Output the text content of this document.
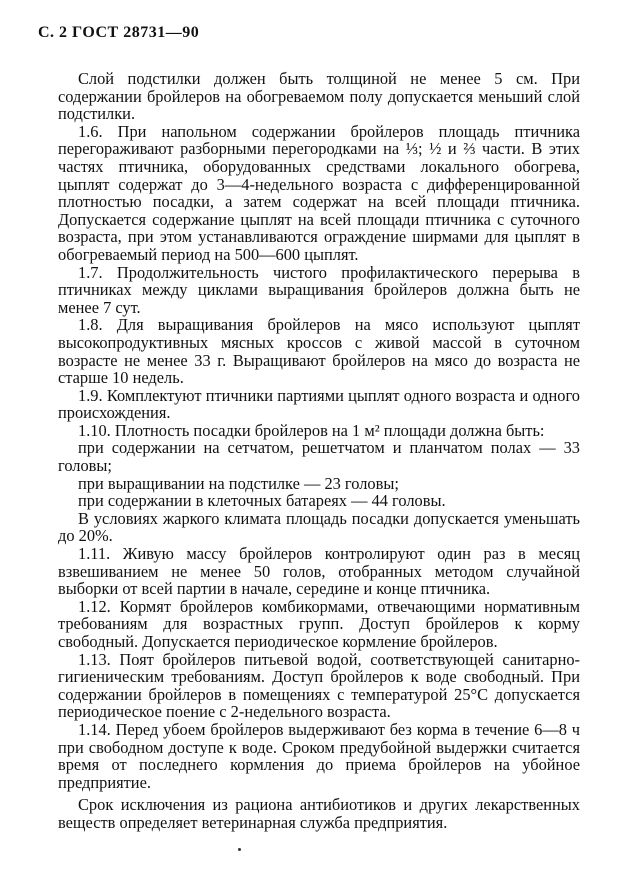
С. 2 ГОСТ 28731—90

Слой подстилки должен быть толщиной не менее 5 см. При содержании бройлеров на обогреваемом полу допускается меньший слой подстилки.

1.6. При напольном содержании бройлеров площадь птичника перегораживают разборными перегородками на ⅓; ½ и ⅔ части. В этих частях птичника, оборудованных средствами локального обогрева, цыплят содержат до 3—4-недельного возраста с дифференцированной плотностью посадки, а затем содержат на всей площади птичника. Допускается содержание цыплят на всей площади птичника с суточного возраста, при этом устанавливаются ограждение ширмами для цыплят в обогреваемый период на 500—600 цыплят.

1.7. Продолжительность чистого профилактического перерыва в птичниках между циклами выращивания бройлеров должна быть не менее 7 сут.

1.8. Для выращивания бройлеров на мясо используют цыплят высокопродуктивных мясных кроссов с живой массой в суточном возрасте не менее 33 г. Выращивают бройлеров на мясо до возраста не старше 10 недель.

1.9. Комплектуют птичники партиями цыплят одного возраста и одного происхождения.

1.10. Плотность посадки бройлеров на 1 м² площади должна быть:

при содержании на сетчатом, решетчатом и планчатом полах — 33 головы;

при выращивании на подстилке — 23 головы;

при содержании в клеточных батареях — 44 головы.

В условиях жаркого климата площадь посадки допускается уменьшать до 20%.

1.11. Живую массу бройлеров контролируют один раз в месяц взвешиванием не менее 50 голов, отобранных методом случайной выборки от всей партии в начале, середине и конце птичника.

1.12. Кормят бройлеров комбикормами, отвечающими нормативным требованиям для возрастных групп. Доступ бройлеров к корму свободный. Допускается периодическое кормление бройлеров.

1.13. Поят бройлеров питьевой водой, соответствующей санитарно-гигиеническим требованиям. Доступ бройлеров к воде свободный. При содержании бройлеров в помещениях с температурой 25°С допускается периодическое поение с 2-недельного возраста.

1.14. Перед убоем бройлеров выдерживают без корма в течение 6—8 ч при свободном доступе к воде. Сроком предубойной выдержки считается время от последнего кормления до приема бройлеров на убойное предприятие.

Срок исключения из рациона антибиотиков и других лекарственных веществ определяет ветеринарная служба предприятия.
